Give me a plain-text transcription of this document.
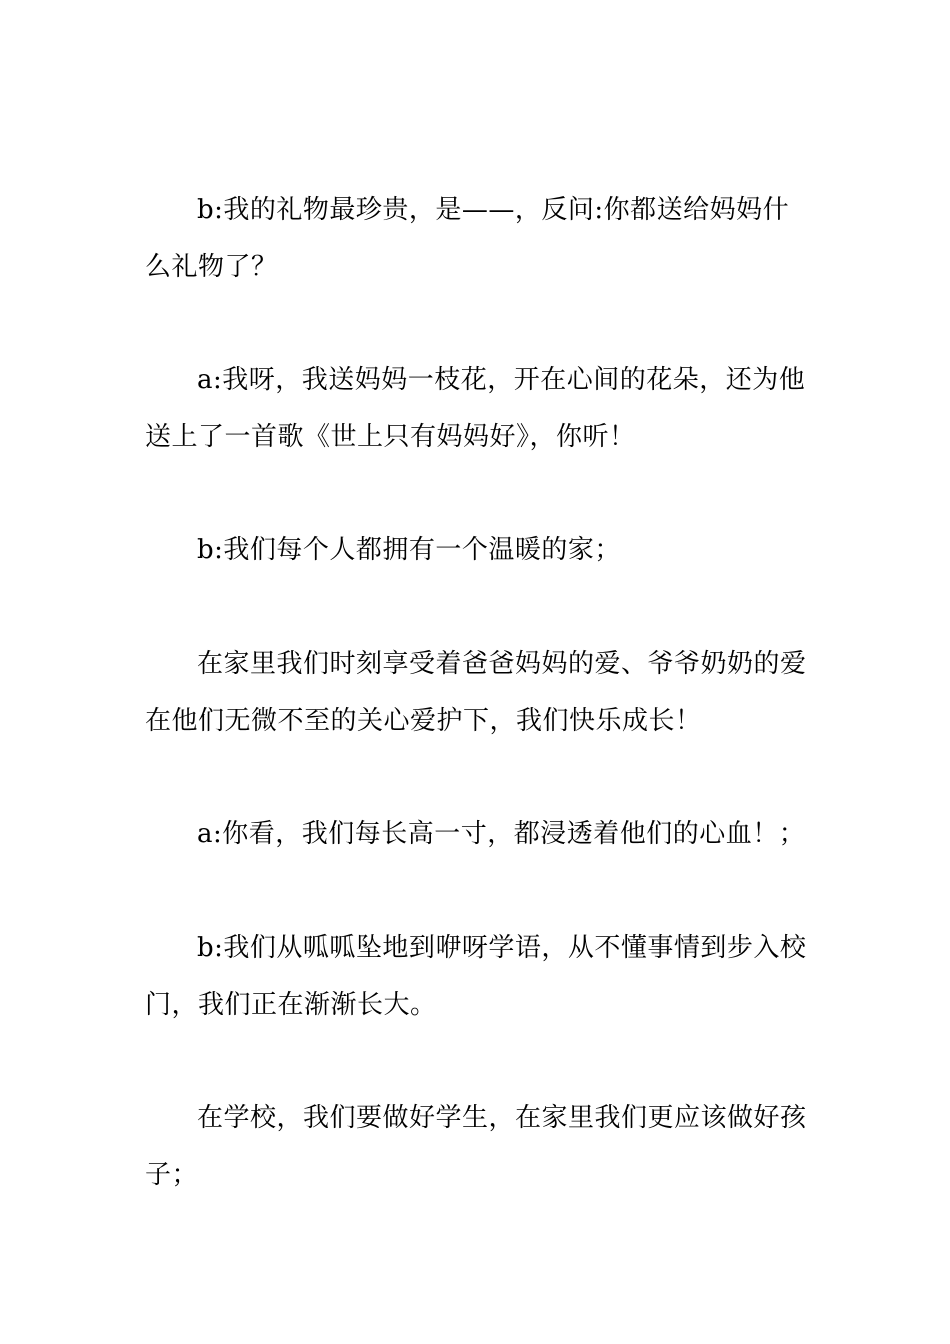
b:我的礼物最珍贵，是——，反问:你都送给妈妈什么礼物了？

a:我呀，我送妈妈一枝花，开在心间的花朵，还为他送上了一首歌《世上只有妈妈好》，你听！

b:我们每个人都拥有一个温暖的家；

在家里我们时刻享受着爸爸妈妈的爱、爷爷奶奶的爱在他们无微不至的关心爱护下，我们快乐成长！

a:你看，我们每长高一寸，都浸透着他们的心血！；

b:我们从呱呱坠地到咿呀学语，从不懂事情到步入校门，我们正在渐渐长大。

在学校，我们要做好学生，在家里我们更应该做好孩子；
